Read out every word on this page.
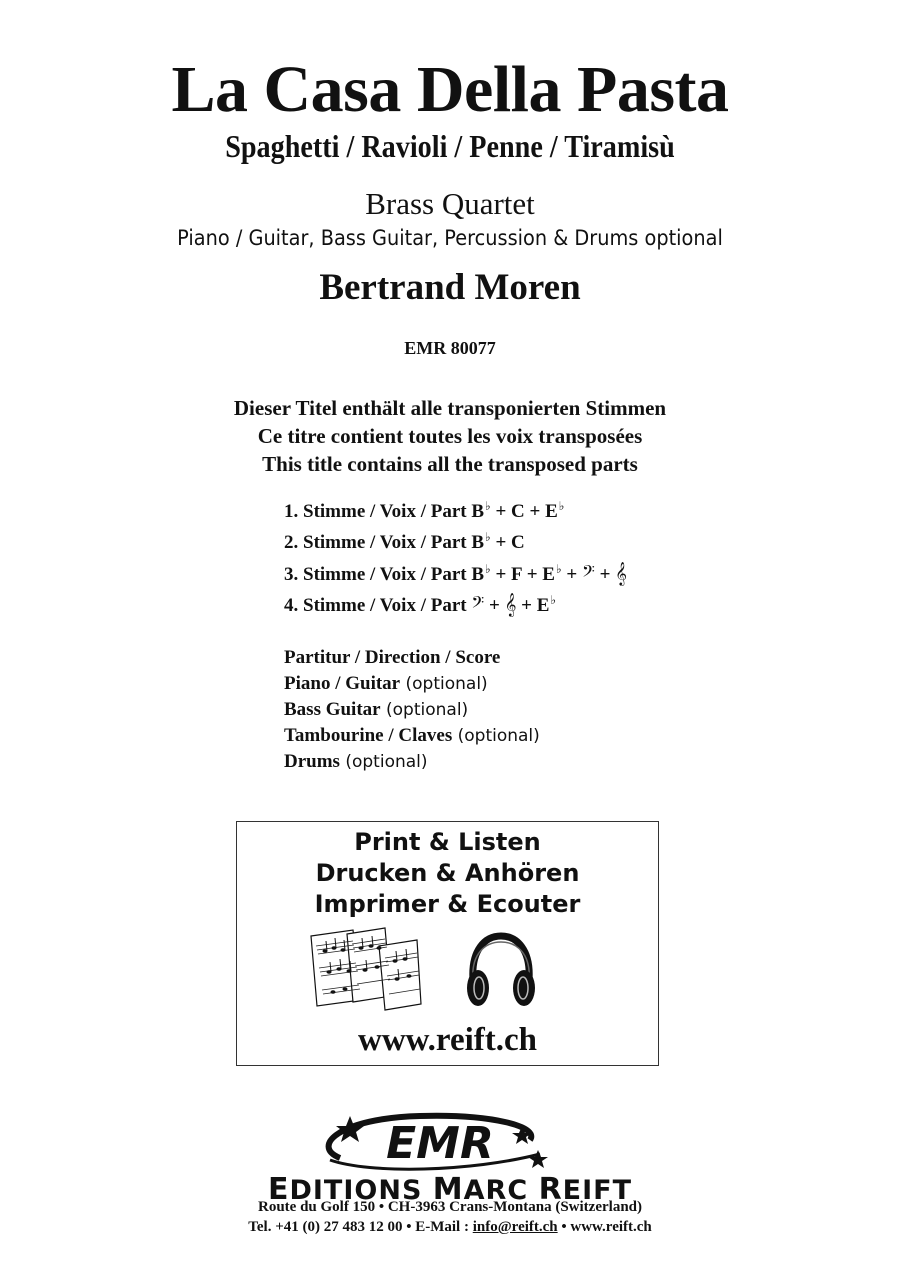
La Casa Della Pasta
Spaghetti / Ravioli / Penne / Tiramisù
Brass Quartet
Piano / Guitar, Bass Guitar, Percussion & Drums optional
Bertrand Moren
EMR 80077
Dieser Titel enthält alle transponierten Stimmen
Ce titre contient toutes les voix transposées
This title contains all the transposed parts
1. Stimme / Voix / Part B♭ + C + E♭
2. Stimme / Voix / Part B♭ + C
3. Stimme / Voix / Part B♭ + F + E♭ + 𝄢 + 𝄞
4. Stimme / Voix / Part 𝄢 + 𝄞 + E♭
Partitur / Direction / Score
Piano / Guitar (optional)
Bass Guitar (optional)
Tambourine / Claves (optional)
Drums (optional)
Print & Listen
Drucken & Anhören
Imprimer & Ecouter
www.reift.ch
EMR
EDITIONS MARC REIFT
Route du Golf 150 • CH-3963 Crans-Montana (Switzerland)
Tel. +41 (0) 27 483 12 00 • E-Mail : info@reift.ch • www.reift.ch
